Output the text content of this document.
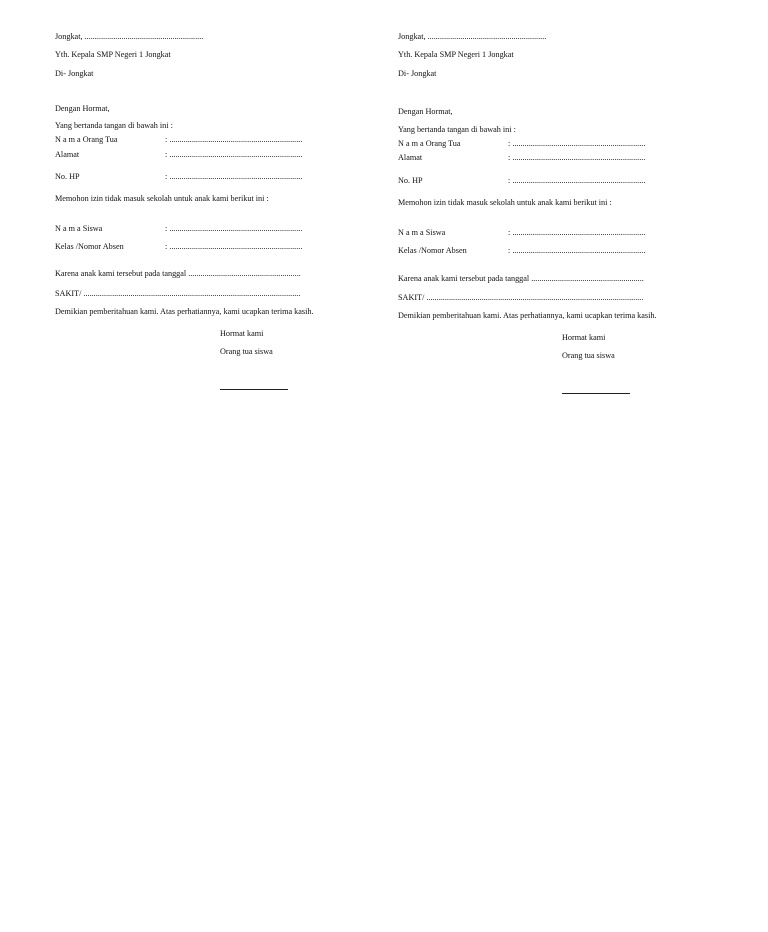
Jongkat, ..........................................................
Yth. Kepala SMP Negeri 1 Jongkat
Di- Jongkat
Dengan Hormat,
Yang bertanda tangan di bawah ini :
N a m a Orang Tua	: .................................................................
Alamat	: .................................................................
No. HP	: .................................................................
Memohon izin tidak masuk sekolah untuk anak kami berikut ini :
N a m a Siswa	: .................................................................
Kelas /Nomor Absen	: .................................................................
Karena anak kami tersebut pada tanggal .......................................................
SAKIT/ ..........................................................................................................
Demikian pemberitahuan kami. Atas perhatiannya, kami ucapkan terima kasih.
Hormat kami
Orang tua siswa
Jongkat, ..........................................................
Yth. Kepala SMP Negeri 1 Jongkat
Di- Jongkat
Dengan Hormat,
Yang bertanda tangan di bawah ini :
N a m a Orang Tua	: .................................................................
Alamat	: .................................................................
No. HP	: .................................................................
Memohon izin tidak masuk sekolah untuk anak kami berikut ini :
N a m a Siswa	: .................................................................
Kelas /Nomor Absen	: .................................................................
Karena anak kami tersebut pada tanggal .......................................................
SAKIT/ ..........................................................................................................
Demikian pemberitahuan kami. Atas perhatiannya, kami ucapkan terima kasih.
Hormat kami
Orang tua siswa
